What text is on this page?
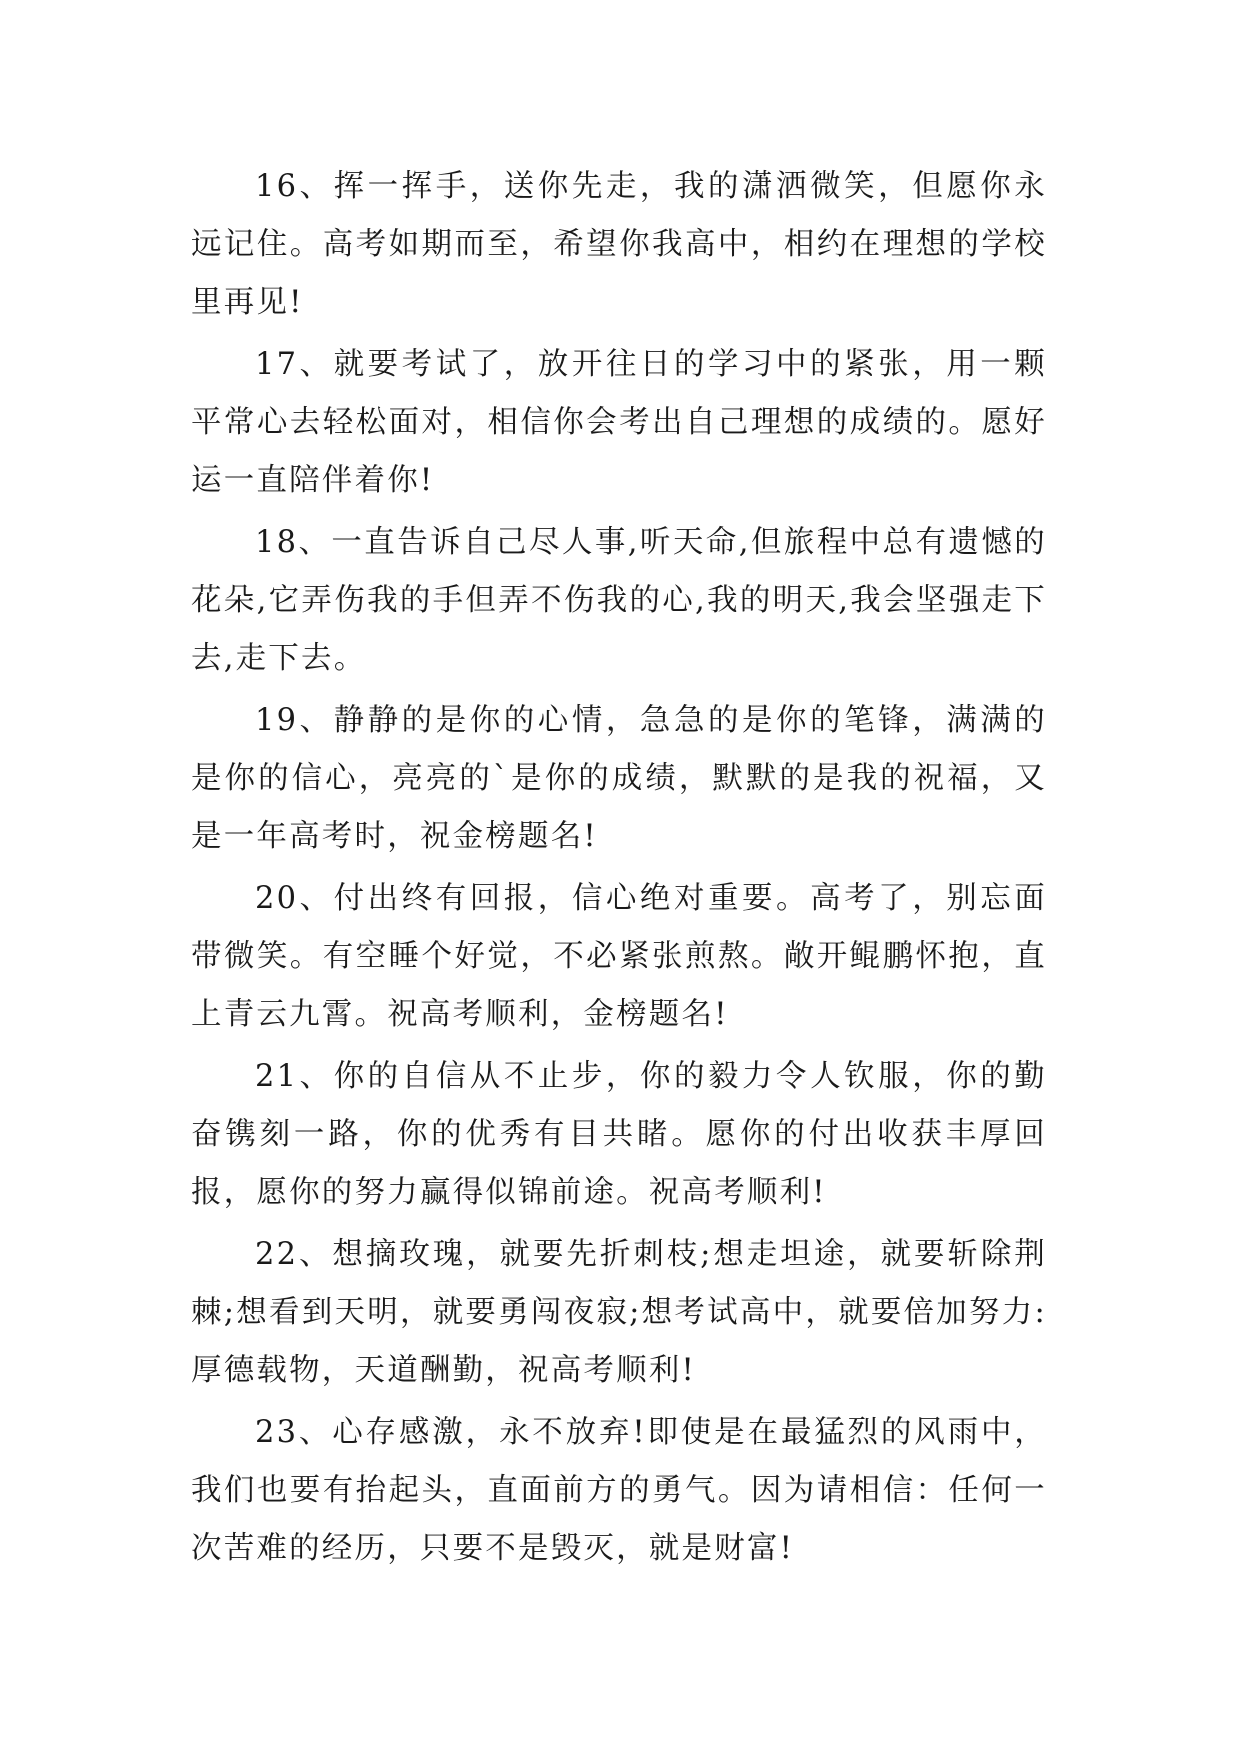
16、挥一挥手，送你先走，我的潇洒微笑，但愿你永远记住。高考如期而至，希望你我高中，相约在理想的学校里再见!

17、就要考试了，放开往日的学习中的紧张，用一颗平常心去轻松面对，相信你会考出自己理想的成绩的。愿好运一直陪伴着你!

18、一直告诉自己尽人事,听天命,但旅程中总有遗憾的花朵,它弄伤我的手但弄不伤我的心,我的明天,我会坚强走下去,走下去。

19、静静的是你的心情，急急的是你的笔锋，满满的是你的信心，亮亮的`是你的成绩，默默的是我的祝福，又是一年高考时，祝金榜题名!

20、付出终有回报，信心绝对重要。高考了，别忘面带微笑。有空睡个好觉，不必紧张煎熬。敞开鲲鹏怀抱，直上青云九霄。祝高考顺利，金榜题名!

21、你的自信从不止步，你的毅力令人钦服，你的勤奋镌刻一路，你的优秀有目共睹。愿你的付出收获丰厚回报，愿你的努力赢得似锦前途。祝高考顺利!

22、想摘玫瑰，就要先折刺枝;想走坦途，就要斩除荆棘;想看到天明，就要勇闯夜寂;想考试高中，就要倍加努力:厚德载物，天道酬勤，祝高考顺利!

23、心存感激，永不放弃!即使是在最猛烈的风雨中，我们也要有抬起头，直面前方的勇气。因为请相信：任何一次苦难的经历，只要不是毁灭，就是财富!
